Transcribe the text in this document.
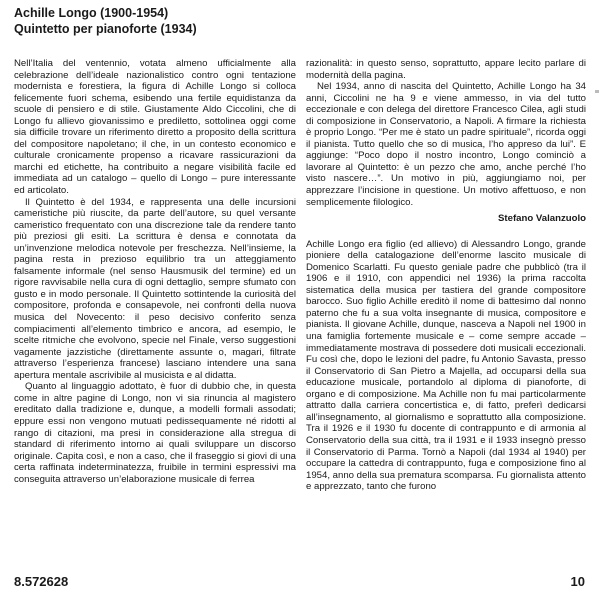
Achille Longo (1900-1954)
Quintetto per pianoforte (1934)

Nell’Italia del ventennio, votata almeno ufficialmente alla celebrazione dell’ideale nazionalistico contro ogni tentazione modernista e forestiera, la figura di Achille Longo si colloca felicemente fuori schema, esibendo una fertile equidistanza da scuole di pensiero e di stile. Giustamente Aldo Ciccolini, che di Longo fu allievo giovanissimo e prediletto, sottolinea oggi come sia difficile trovare un riferimento diretto a proposito della scrittura del compositore napoletano; il che, in un contesto economico e culturale cronicamente propenso a ricavare rassicurazioni da marchi ed etichette, ha contribuito a negare visibilità facile ed immediata ad un catalogo – quello di Longo – pure interessante ed articolato.

Il Quintetto è del 1934, e rappresenta una delle incursioni cameristiche più riuscite, da parte dell’autore, su quel versante cameristico frequentato con una discrezione tale da rendere tanto più preziosi gli esiti. La scrittura è densa e connotata da un’invenzione melodica notevole per freschezza. Nell’insieme, la pagina resta in prezioso equilibrio tra un atteggiamento falsamente informale (nel senso Hausmusik del termine) ed un rigore ravvisabile nella cura di ogni dettaglio, sempre sfumato con gusto e in modo personale. Il Quintetto sottintende la curiosità del compositore, profonda e consapevole, nei confronti della nuova musica del Novecento: il peso decisivo conferito senza compiacimenti all’elemento timbrico e ancora, ad esempio, le scelte ritmiche che evolvono, specie nel Finale, verso suggestioni vagamente jazzistiche (direttamente assunte o, magari, filtrate attraverso l’esperienza francese) lasciano intendere una sana apertura mentale ascrivibile al musicista e al didatta.

Quanto al linguaggio adottato, è fuor di dubbio che, in questa come in altre pagine di Longo, non vi sia rinuncia al magistero ereditato dalla tradizione e, dunque, a modelli formali assodati; eppure essi non vengono mutuati pedissequamente né ridotti al rango di citazioni, ma presi in considerazione alla stregua di standard di riferimento intorno ai quali sviluppare un discorso originale. Capita così, e non a caso, che il fraseggio si giovi di una certa raffinata indeterminatezza, fruibile in termini espressivi ma conseguita attraverso un’elaborazione musicale di ferrea

razionalità: in questo senso, soprattutto, appare lecito parlare di modernità della pagina.

Nel 1934, anno di nascita del Quintetto, Achille Longo ha 34 anni, Ciccolini ne ha 9 e viene ammesso, in via del tutto eccezionale e con delega del direttore Francesco Cilea, agli studi di composizione in Conservatorio, a Napoli. A firmare la richiesta è proprio Longo. “Per me è stato un padre spirituale”, ricorda oggi il pianista. Tutto quello che so di musica, l’ho appreso da lui”. E aggiunge: “Poco dopo il nostro incontro, Longo cominciò a lavorare al Quintetto: è un pezzo che amo, anche perché l’ho visto nascere…”. Un motivo in più, aggiungiamo noi, per apprezzare l’incisione in questione. Un motivo affettuoso, e non semplicemente filologico.

Stefano Valanzuolo

Achille Longo era figlio (ed allievo) di Alessandro Longo, grande pioniere della catalogazione dell’enorme lascito musicale di Domenico Scarlatti. Fu questo geniale padre che pubblicò (tra il 1906 e il 1910, con appendici nel 1936) la prima raccolta sistematica della musica per tastiera del grande compositore barocco. Suo figlio Achille ereditò il nome di battesimo dal nonno paterno che fu a sua volta insegnante di musica, compositore e pianista. Il giovane Achille, dunque, nasceva a Napoli nel 1900 in una famiglia fortemente musicale e – come sempre accade – immediatamente mostrava di possedere doti musicali eccezionali. Fu così che, dopo le lezioni del padre, fu Antonio Savasta, presso il Conservatorio di San Pietro a Majella, ad occuparsi della sua educazione musicale, portandolo al diploma di pianoforte, di organo e di composizione. Ma Achille non fu mai particolarmente attratto dalla carriera concertistica e, di fatto, preferì dedicarsi all’insegnamento, al giornalismo e soprattutto alla composizione. Tra il 1926 e il 1930 fu docente di contrappunto e di armonia al Conservatorio della sua città, tra il 1931 e il 1933 insegnò presso il Conservatorio di Parma. Tornò a Napoli (dal 1934 al 1940) per occupare la cattedra di contrappunto, fuga e composizione fino al 1954, anno della sua prematura scomparsa. Fu giornalista attento e apprezzato, tanto che furono

8.572628	10
